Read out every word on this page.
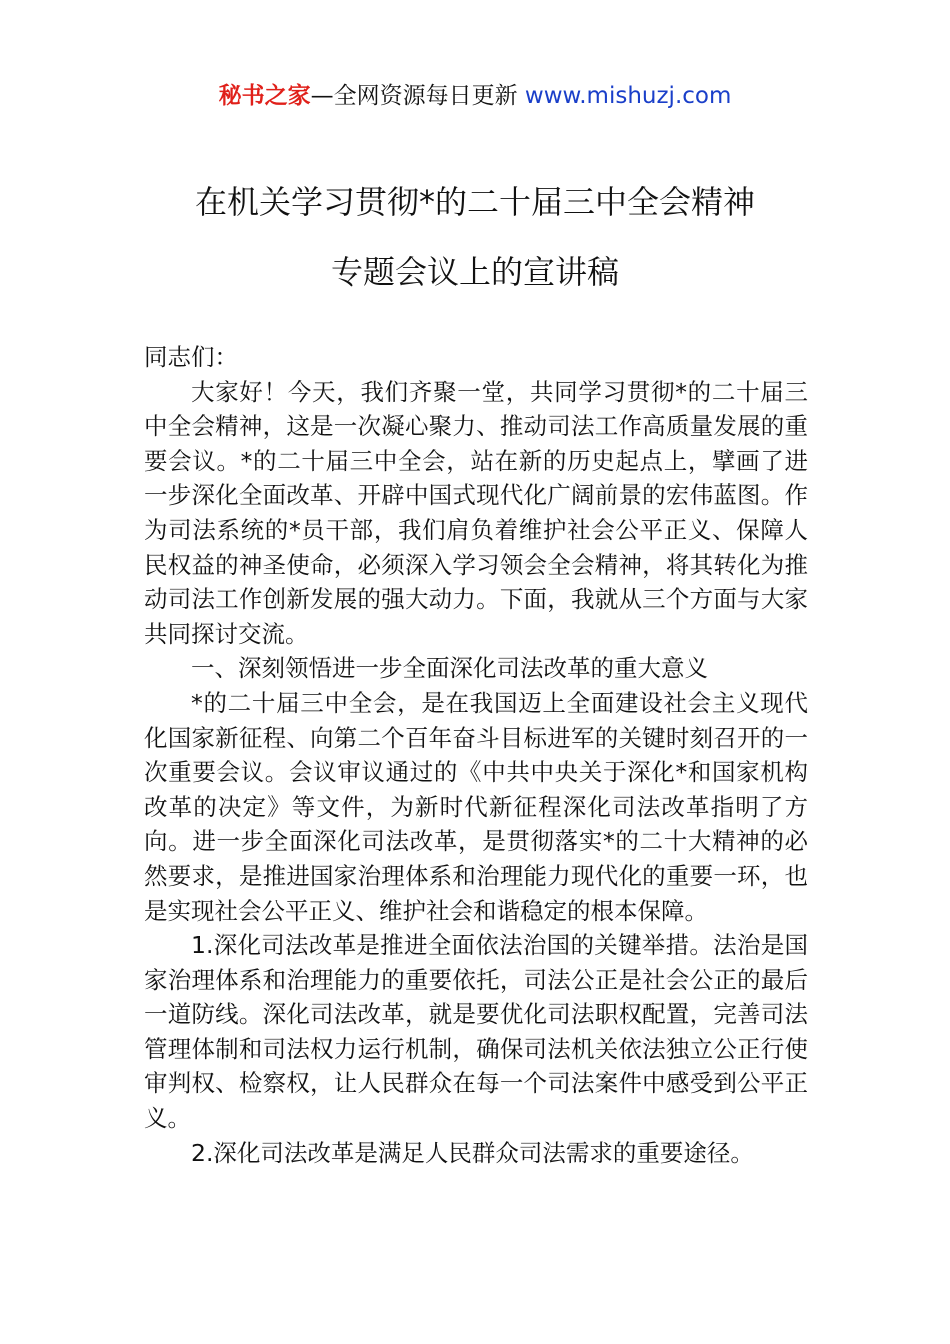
秘书之家—全网资源每日更新 www.mishuzj.com
在机关学习贯彻*的二十届三中全会精神
专题会议上的宣讲稿

同志们：

大家好！今天，我们齐聚一堂，共同学习贯彻*的二十届三中全会精神，这是一次凝心聚力、推动司法工作高质量发展的重要会议。*的二十届三中全会，站在新的历史起点上，擘画了进一步深化全面改革、开辟中国式现代化广阔前景的宏伟蓝图。作为司法系统的*员干部，我们肩负着维护社会公平正义、保障人民权益的神圣使命，必须深入学习领会全会精神，将其转化为推动司法工作创新发展的强大动力。下面，我就从三个方面与大家共同探讨交流。

一、深刻领悟进一步全面深化司法改革的重大意义

*的二十届三中全会，是在我国迈上全面建设社会主义现代化国家新征程、向第二个百年奋斗目标进军的关键时刻召开的一次重要会议。会议审议通过的《中共中央关于深化*和国家机构改革的决定》等文件，为新时代新征程深化司法改革指明了方向。进一步全面深化司法改革，是贯彻落实*的二十大精神的必然要求，是推进国家治理体系和治理能力现代化的重要一环，也是实现社会公平正义、维护社会和谐稳定的根本保障。

1.深化司法改革是推进全面依法治国的关键举措。法治是国家治理体系和治理能力的重要依托，司法公正是社会公正的最后一道防线。深化司法改革，就是要优化司法职权配置，完善司法管理体制和司法权力运行机制，确保司法机关依法独立公正行使审判权、检察权，让人民群众在每一个司法案件中感受到公平正义。

2.深化司法改革是满足人民群众司法需求的重要途径。
